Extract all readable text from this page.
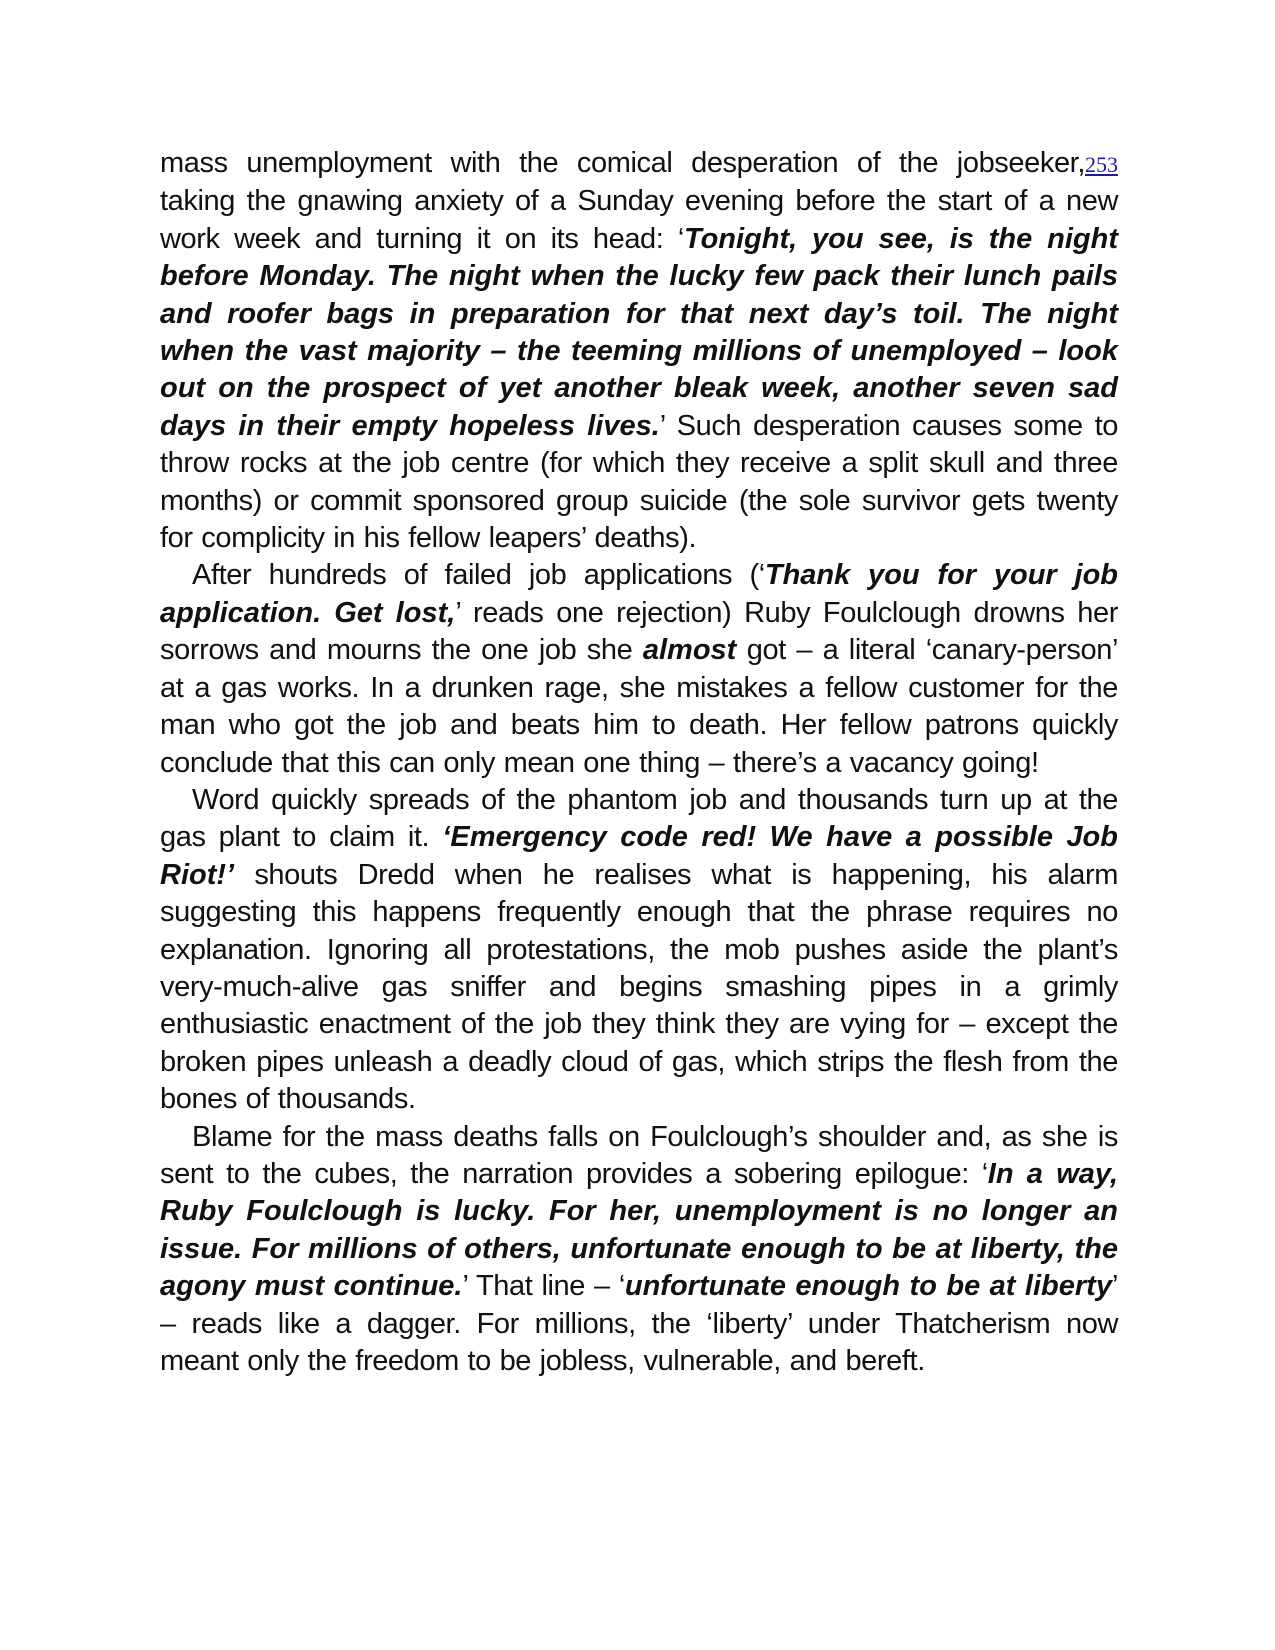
mass unemployment with the comical desperation of the jobseeker,253 taking the gnawing anxiety of a Sunday evening before the start of a new work week and turning it on its head: ‘Tonight, you see, is the night before Monday. The night when the lucky few pack their lunch pails and roofer bags in preparation for that next day’s toil. The night when the vast majority – the teeming millions of unemployed – look out on the prospect of yet another bleak week, another seven sad days in their empty hopeless lives.’ Such desperation causes some to throw rocks at the job centre (for which they receive a split skull and three months) or commit sponsored group suicide (the sole survivor gets twenty for complicity in his fellow leapers’ deaths).

After hundreds of failed job applications (‘Thank you for your job application. Get lost,’ reads one rejection) Ruby Foulclough drowns her sorrows and mourns the one job she almost got – a literal ‘canary-person’ at a gas works. In a drunken rage, she mistakes a fellow customer for the man who got the job and beats him to death. Her fellow patrons quickly conclude that this can only mean one thing – there’s a vacancy going!

Word quickly spreads of the phantom job and thousands turn up at the gas plant to claim it. ‘Emergency code red! We have a possible Job Riot!’ shouts Dredd when he realises what is happening, his alarm suggesting this happens frequently enough that the phrase requires no explanation. Ignoring all protestations, the mob pushes aside the plant’s very-much-alive gas sniffer and begins smashing pipes in a grimly enthusiastic enactment of the job they think they are vying for – except the broken pipes unleash a deadly cloud of gas, which strips the flesh from the bones of thousands.

Blame for the mass deaths falls on Foulclough’s shoulder and, as she is sent to the cubes, the narration provides a sobering epilogue: ‘In a way, Ruby Foulclough is lucky. For her, unemployment is no longer an issue. For millions of others, unfortunate enough to be at liberty, the agony must continue.’ That line – ‘unfortunate enough to be at liberty’ – reads like a dagger. For millions, the ‘liberty’ under Thatcherism now meant only the freedom to be jobless, vulnerable, and bereft.
